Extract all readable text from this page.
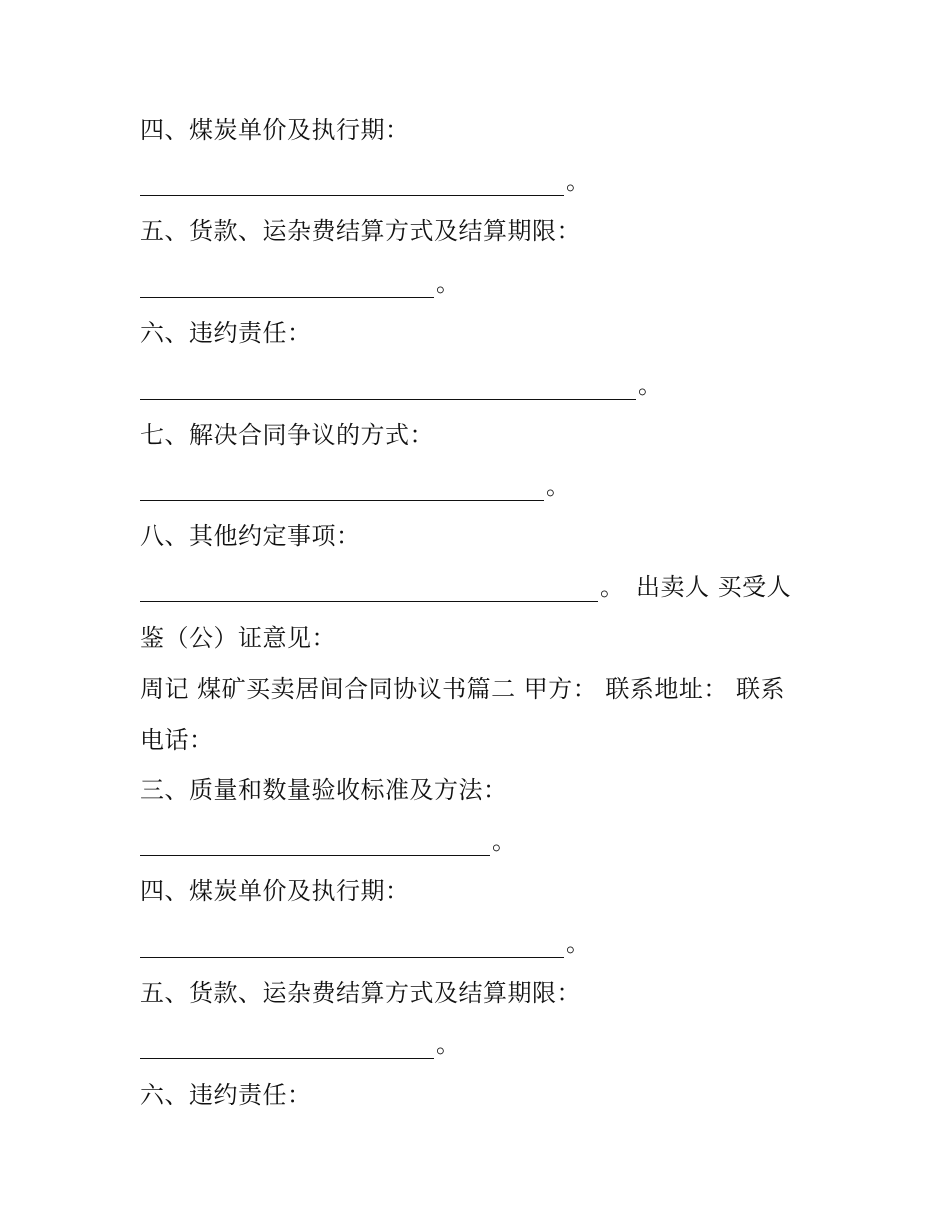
四、煤炭单价及执行期：
。
五、货款、运杂费结算方式及结算期限：
。
六、违约责任：
。
七、解决合同争议的方式：
。
八、其他约定事项：
。 出卖人 买受人
鉴（公）证意见：
周记 煤矿买卖居间合同协议书篇二 甲方： 联系地址： 联系
电话：
三、质量和数量验收标准及方法：
。
四、煤炭单价及执行期：
。
五、货款、运杂费结算方式及结算期限：
。
六、违约责任：
